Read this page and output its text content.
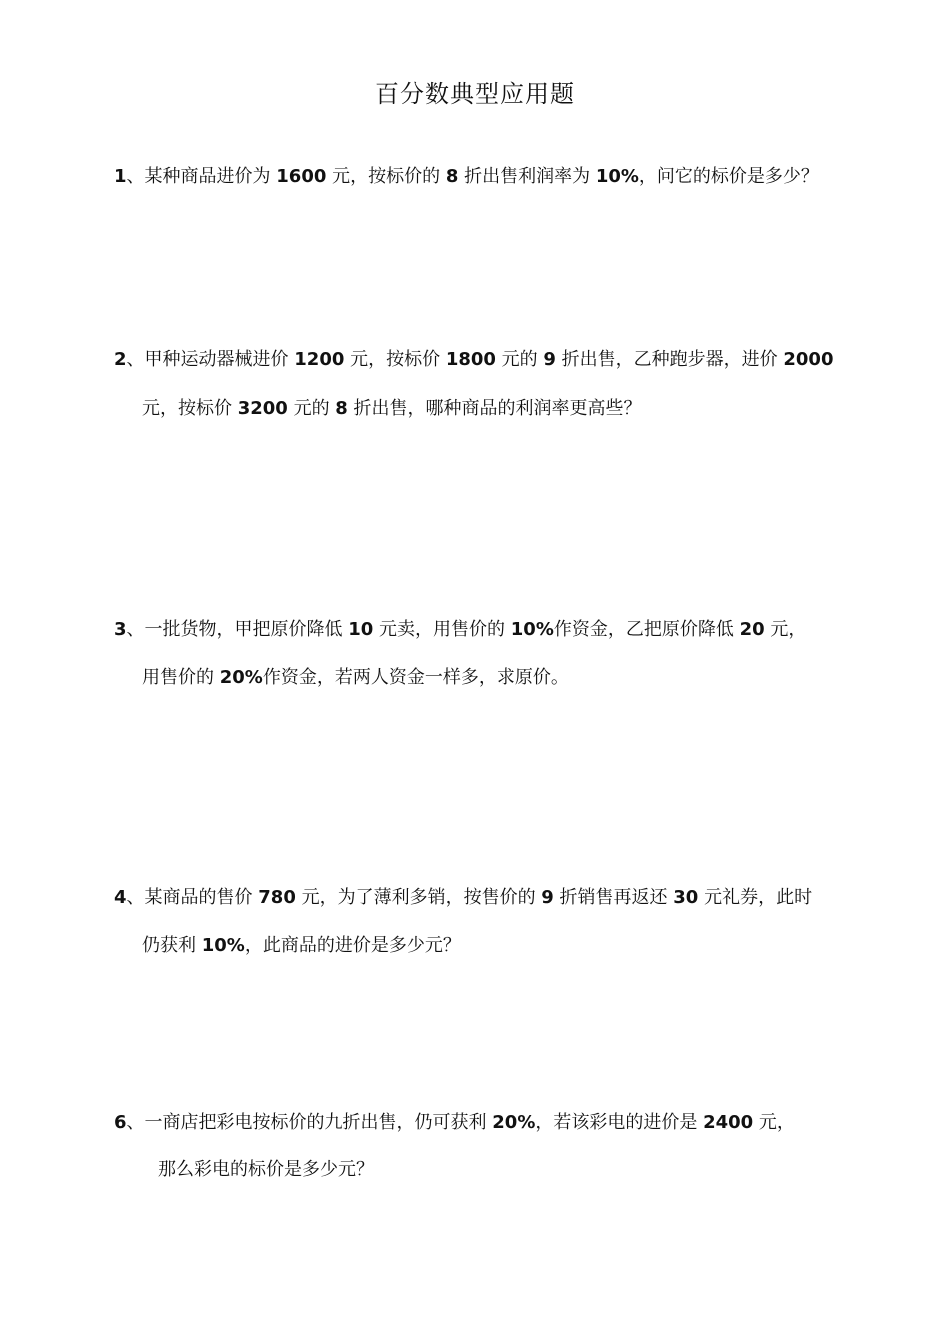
百分数典型应用题
1、某种商品进价为 1600 元，按标价的 8 折出售利润率为 10%，问它的标价是多少？
2、甲种运动器械进价 1200 元，按标价 1800 元的 9 折出售，乙种跑步器，进价 2000
元，按标价 3200 元的 8 折出售，哪种商品的利润率更高些？
3、一批货物，甲把原价降低 10 元卖，用售价的 10%作资金，乙把原价降低 20 元，
用售价的 20%作资金，若两人资金一样多，求原价。
4、某商品的售价 780 元，为了薄利多销，按售价的 9 折销售再返还 30 元礼券，此时
仍获利 10%，此商品的进价是多少元？
6、一商店把彩电按标价的九折出售，仍可获利 20%，若该彩电的进价是 2400 元，
那么彩电的标价是多少元？
